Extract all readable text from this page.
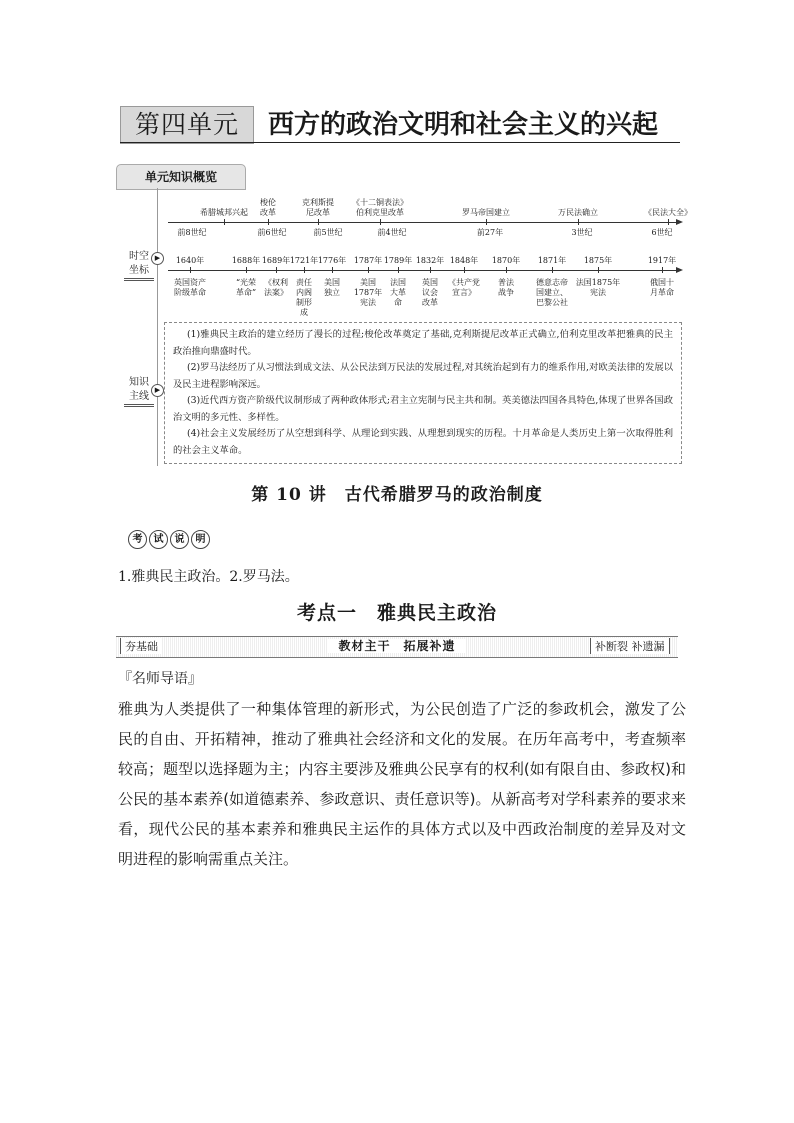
第四单元	西方的政治文明和社会主义的兴起
单元知识概览
时空
坐标
▶
知识
主线
▶
希腊城邦兴起
梭伦
改革
克利斯提
尼改革
《十二铜表法》
伯利克里改革	罗马帝国建立	万民法确立	《民法大全》
前8世纪	前6世纪	前5世纪	前4世纪	前27年	3世纪	6世纪
1640年
英国资产
阶级革命
1688年
“光荣
革命”
1689年
《权利
法案》
1721年
责任
内阁
制形
成
1776年
美国
独立
1787年
美国
1787年
宪法
1789年
法国
大革
命
1832年
英国
议会
改革
1848年
《共产党
宣言》
1870年
普法
战争
1871年
德意志帝
国建立、
巴黎公社
1875年
法国1875年
宪法
1917年
俄国十
月革命

(1)雅典民主政治的建立经历了漫长的过程;梭伦改革奠定了基础,克利斯提尼改革正式确立,伯利克里改革把雅典的民主政治推向鼎盛时代。

(2)罗马法经历了从习惯法到成文法、从公民法到万民法的发展过程,对其统治起到有力的维系作用,对欧美法律的发展以及民主进程影响深远。

(3)近代西方资产阶级代议制形成了两种政体形式;君主立宪制与民主共和制。英美德法四国各具特色,体现了世界各国政治文明的多元性、多样性。

(4)社会主义发展经历了从空想到科学、从理论到实践、从理想到现实的历程。十月革命是人类历史上第一次取得胜利的社会主义革命。

第 10 讲　古代希腊罗马的政治制度
考 试 说 明
1.雅典民主政治。2.罗马法。
考点一　雅典民主政治
夯基础	教材主干　拓展补遗	补断裂 补遗漏
『名师导语』
雅典为人类提供了一种集体管理的新形式，为公民创造了广泛的参政机会，激发了公民的自由、开拓精神，推动了雅典社会经济和文化的发展。在历年高考中，考查频率较高；题型以选择题为主；内容主要涉及雅典公民享有的权利(如有限自由、参政权)和公民的基本素养(如道德素养、参政意识、责任意识等)。从新高考对学科素养的要求来看，现代公民的基本素养和雅典民主运作的具体方式以及中西政治制度的差异及对文明进程的影响需重点关注。
